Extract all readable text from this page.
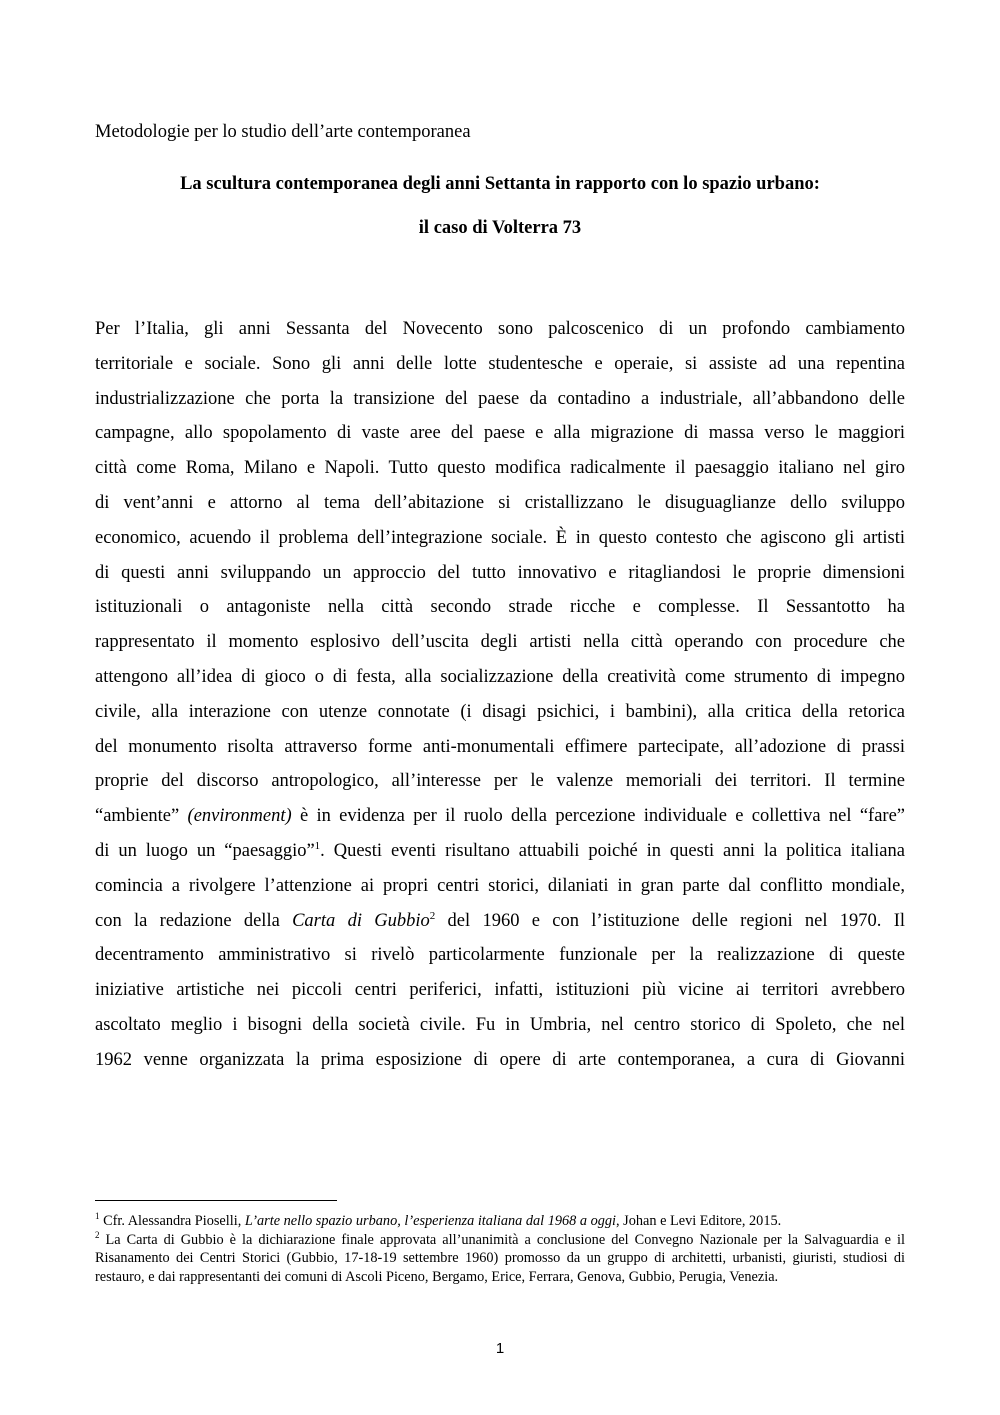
Metodologie per lo studio dell’arte contemporanea

La scultura contemporanea degli anni Settanta in rapporto con lo spazio urbano:

il caso di Volterra 73

Per l’Italia, gli anni Sessanta del Novecento sono palcoscenico di un profondo cambiamento
territoriale e sociale. Sono gli anni delle lotte studentesche e operaie, si assiste ad una repentina
industrializzazione che porta la transizione del paese da contadino a industriale, all’abbandono delle
campagne, allo spopolamento di vaste aree del paese e alla migrazione di massa verso le maggiori
città come Roma, Milano e Napoli. Tutto questo modifica radicalmente il paesaggio italiano nel giro
di vent’anni e attorno al tema dell’abitazione si cristallizzano le disuguaglianze dello sviluppo
economico, acuendo il problema dell’integrazione sociale. È in questo contesto che agiscono gli artisti
di questi anni sviluppando un approccio del tutto innovativo e ritagliandosi le proprie dimensioni
istituzionali o antagoniste nella città secondo strade ricche e complesse. Il Sessantotto ha
rappresentato il momento esplosivo dell’uscita degli artisti nella città operando con procedure che
attengono all’idea di gioco o di festa, alla socializzazione della creatività come strumento di impegno
civile, alla interazione con utenze connotate (i disagi psichici, i bambini), alla critica della retorica
del monumento risolta attraverso forme anti-monumentali effimere partecipate, all’adozione di prassi
proprie del discorso antropologico, all’interesse per le valenze memoriali dei territori. Il termine
“ambiente” (environment) è in evidenza per il ruolo della percezione individuale e collettiva nel “fare”
di un luogo un “paesaggio”$^1$. Questi eventi risultano attuabili poiché in questi anni la politica italiana
comincia a rivolgere l’attenzione ai propri centri storici, dilaniati in gran parte dal conflitto mondiale,
con la redazione della Carta di Gubbio$^2$ del 1960 e con l’istituzione delle regioni nel 1970. Il
decentramento amministrativo si rivelò particolarmente funzionale per la realizzazione di queste
iniziative artistiche nei piccoli centri periferici, infatti, istituzioni più vicine ai territori avrebbero
ascoltato meglio i bisogni della società civile. Fu in Umbria, nel centro storico di Spoleto, che nel
1962 venne organizzata la prima esposizione di opere di arte contemporanea, a cura di Giovanni

$^1$ Cfr. Alessandra Pioselli, L’arte nello spazio urbano, l’esperienza italiana dal 1968 a oggi, Johan e Levi Editore, 2015.

$^2$ La Carta di Gubbio è la dichiarazione finale approvata all’unanimità a conclusione del Convegno Nazionale per la Salvaguardia e il Risanamento dei Centri Storici (Gubbio, 17-18-19 settembre 1960) promosso da un gruppo di architetti, urbanisti, giuristi, studiosi di restauro, e dai rappresentanti dei comuni di Ascoli Piceno, Bergamo, Erice, Ferrara, Genova, Gubbio, Perugia, Venezia.

1
